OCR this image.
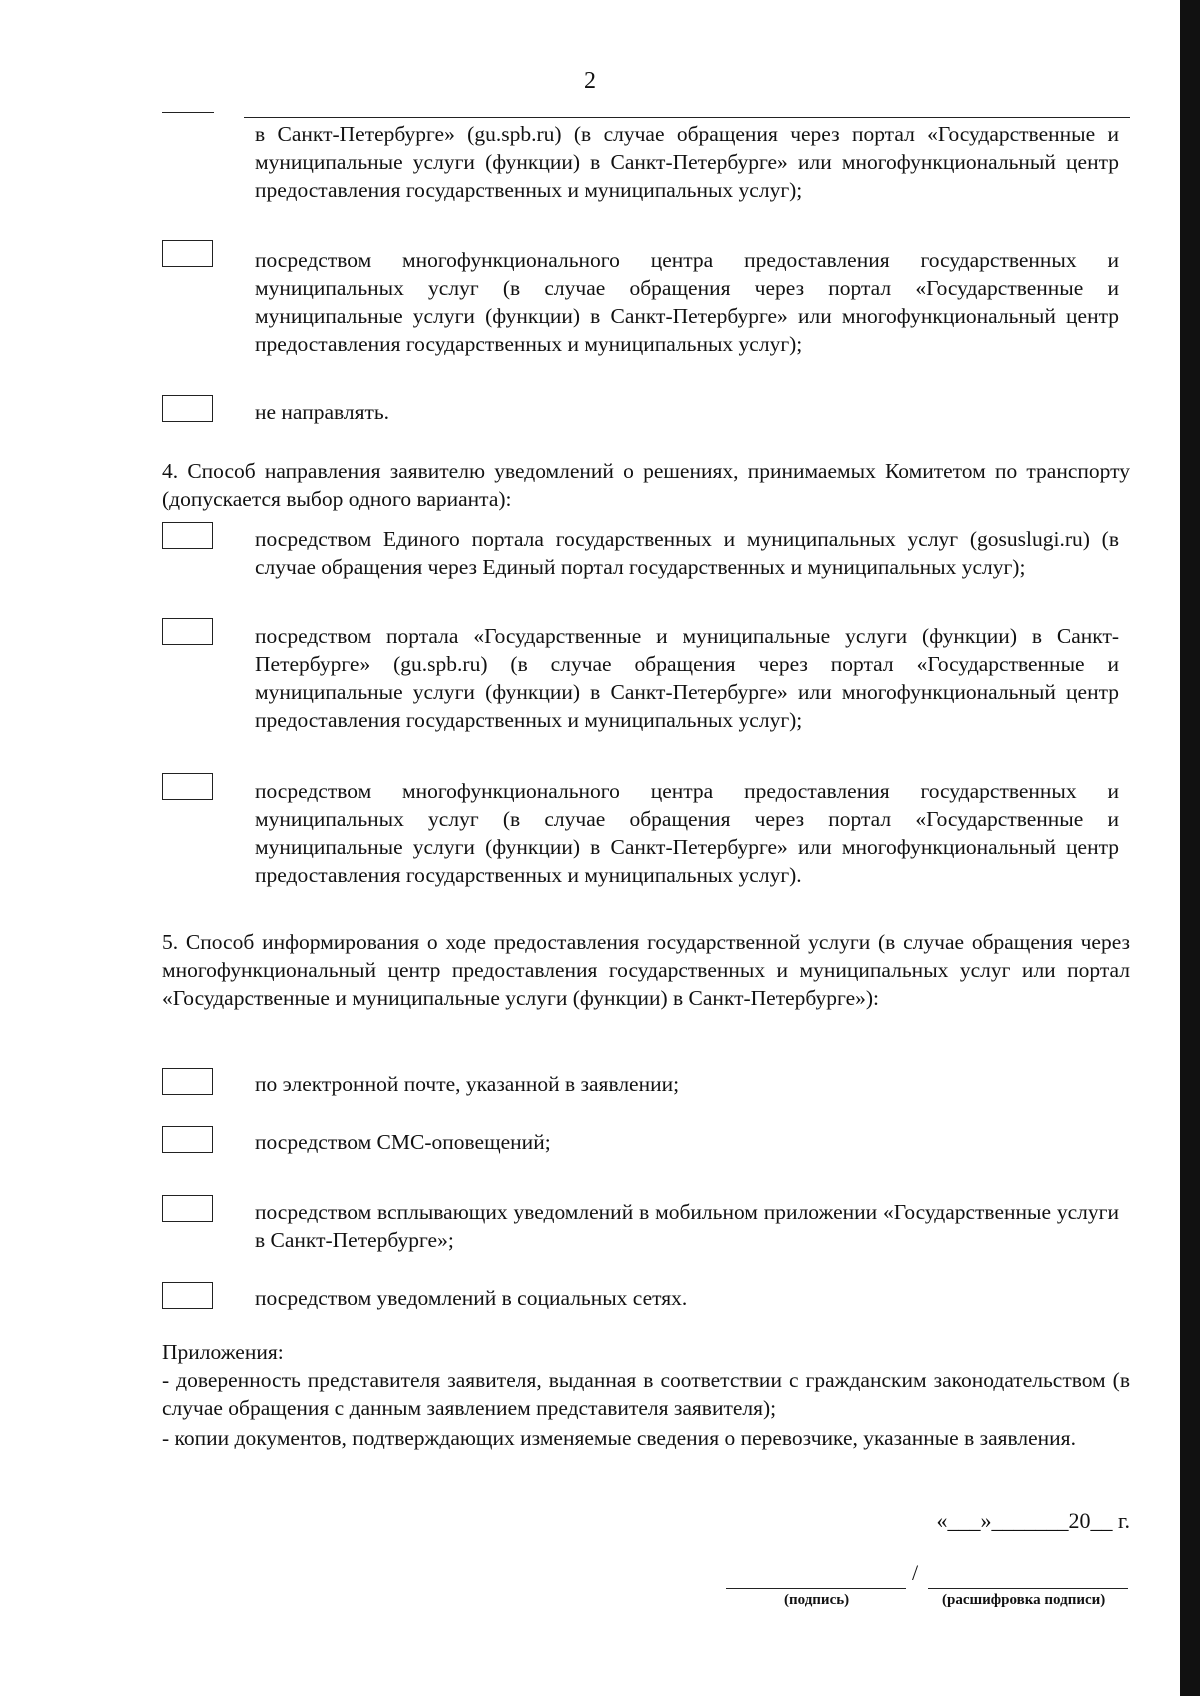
2
в Санкт-Петербурге» (gu.spb.ru) (в случае обращения через портал «Государственные и муниципальные услуги (функции) в Санкт-Петербурге» или многофункциональный центр предоставления государственных и муниципальных услуг);
посредством многофункционального центра предоставления государственных и муниципальных услуг (в случае обращения через портал «Государственные и муниципальные услуги (функции) в Санкт-Петербурге» или многофункциональный центр предоставления государственных и муниципальных услуг);
не направлять.
4. Способ направления заявителю уведомлений о решениях, принимаемых Комитетом по транспорту (допускается выбор одного варианта):
посредством Единого портала государственных и муниципальных услуг (gosuslugi.ru) (в случае обращения через Единый портал государственных и муниципальных услуг);
посредством портала «Государственные и муниципальные услуги (функции) в Санкт-Петербурге» (gu.spb.ru) (в случае обращения через портал «Государственные и муниципальные услуги (функции) в Санкт-Петербурге» или многофункциональный центр предоставления государственных и муниципальных услуг);
посредством многофункционального центра предоставления государственных и муниципальных услуг (в случае обращения через портал «Государственные и муниципальные услуги (функции) в Санкт-Петербурге» или многофункциональный центр предоставления государственных и муниципальных услуг).
5. Способ информирования о ходе предоставления государственной услуги (в случае обращения через многофункциональный центр предоставления государственных и муниципальных услуг или портал «Государственные и муниципальные услуги (функции) в Санкт-Петербурге»):
по электронной почте, указанной в заявлении;
посредством СМС-оповещений;
посредством всплывающих уведомлений в мобильном приложении «Государственные услуги в Санкт-Петербурге»;
посредством уведомлений в социальных сетях.
Приложения:
- доверенность представителя заявителя, выданная в соответствии с гражданским законодательством (в случае обращения с данным заявлением представителя заявителя);
- копии документов, подтверждающих изменяемые сведения о перевозчике, указанные в заявления.
«___»_______20__ г.
/
(подпись)	(расшифровка подписи)
